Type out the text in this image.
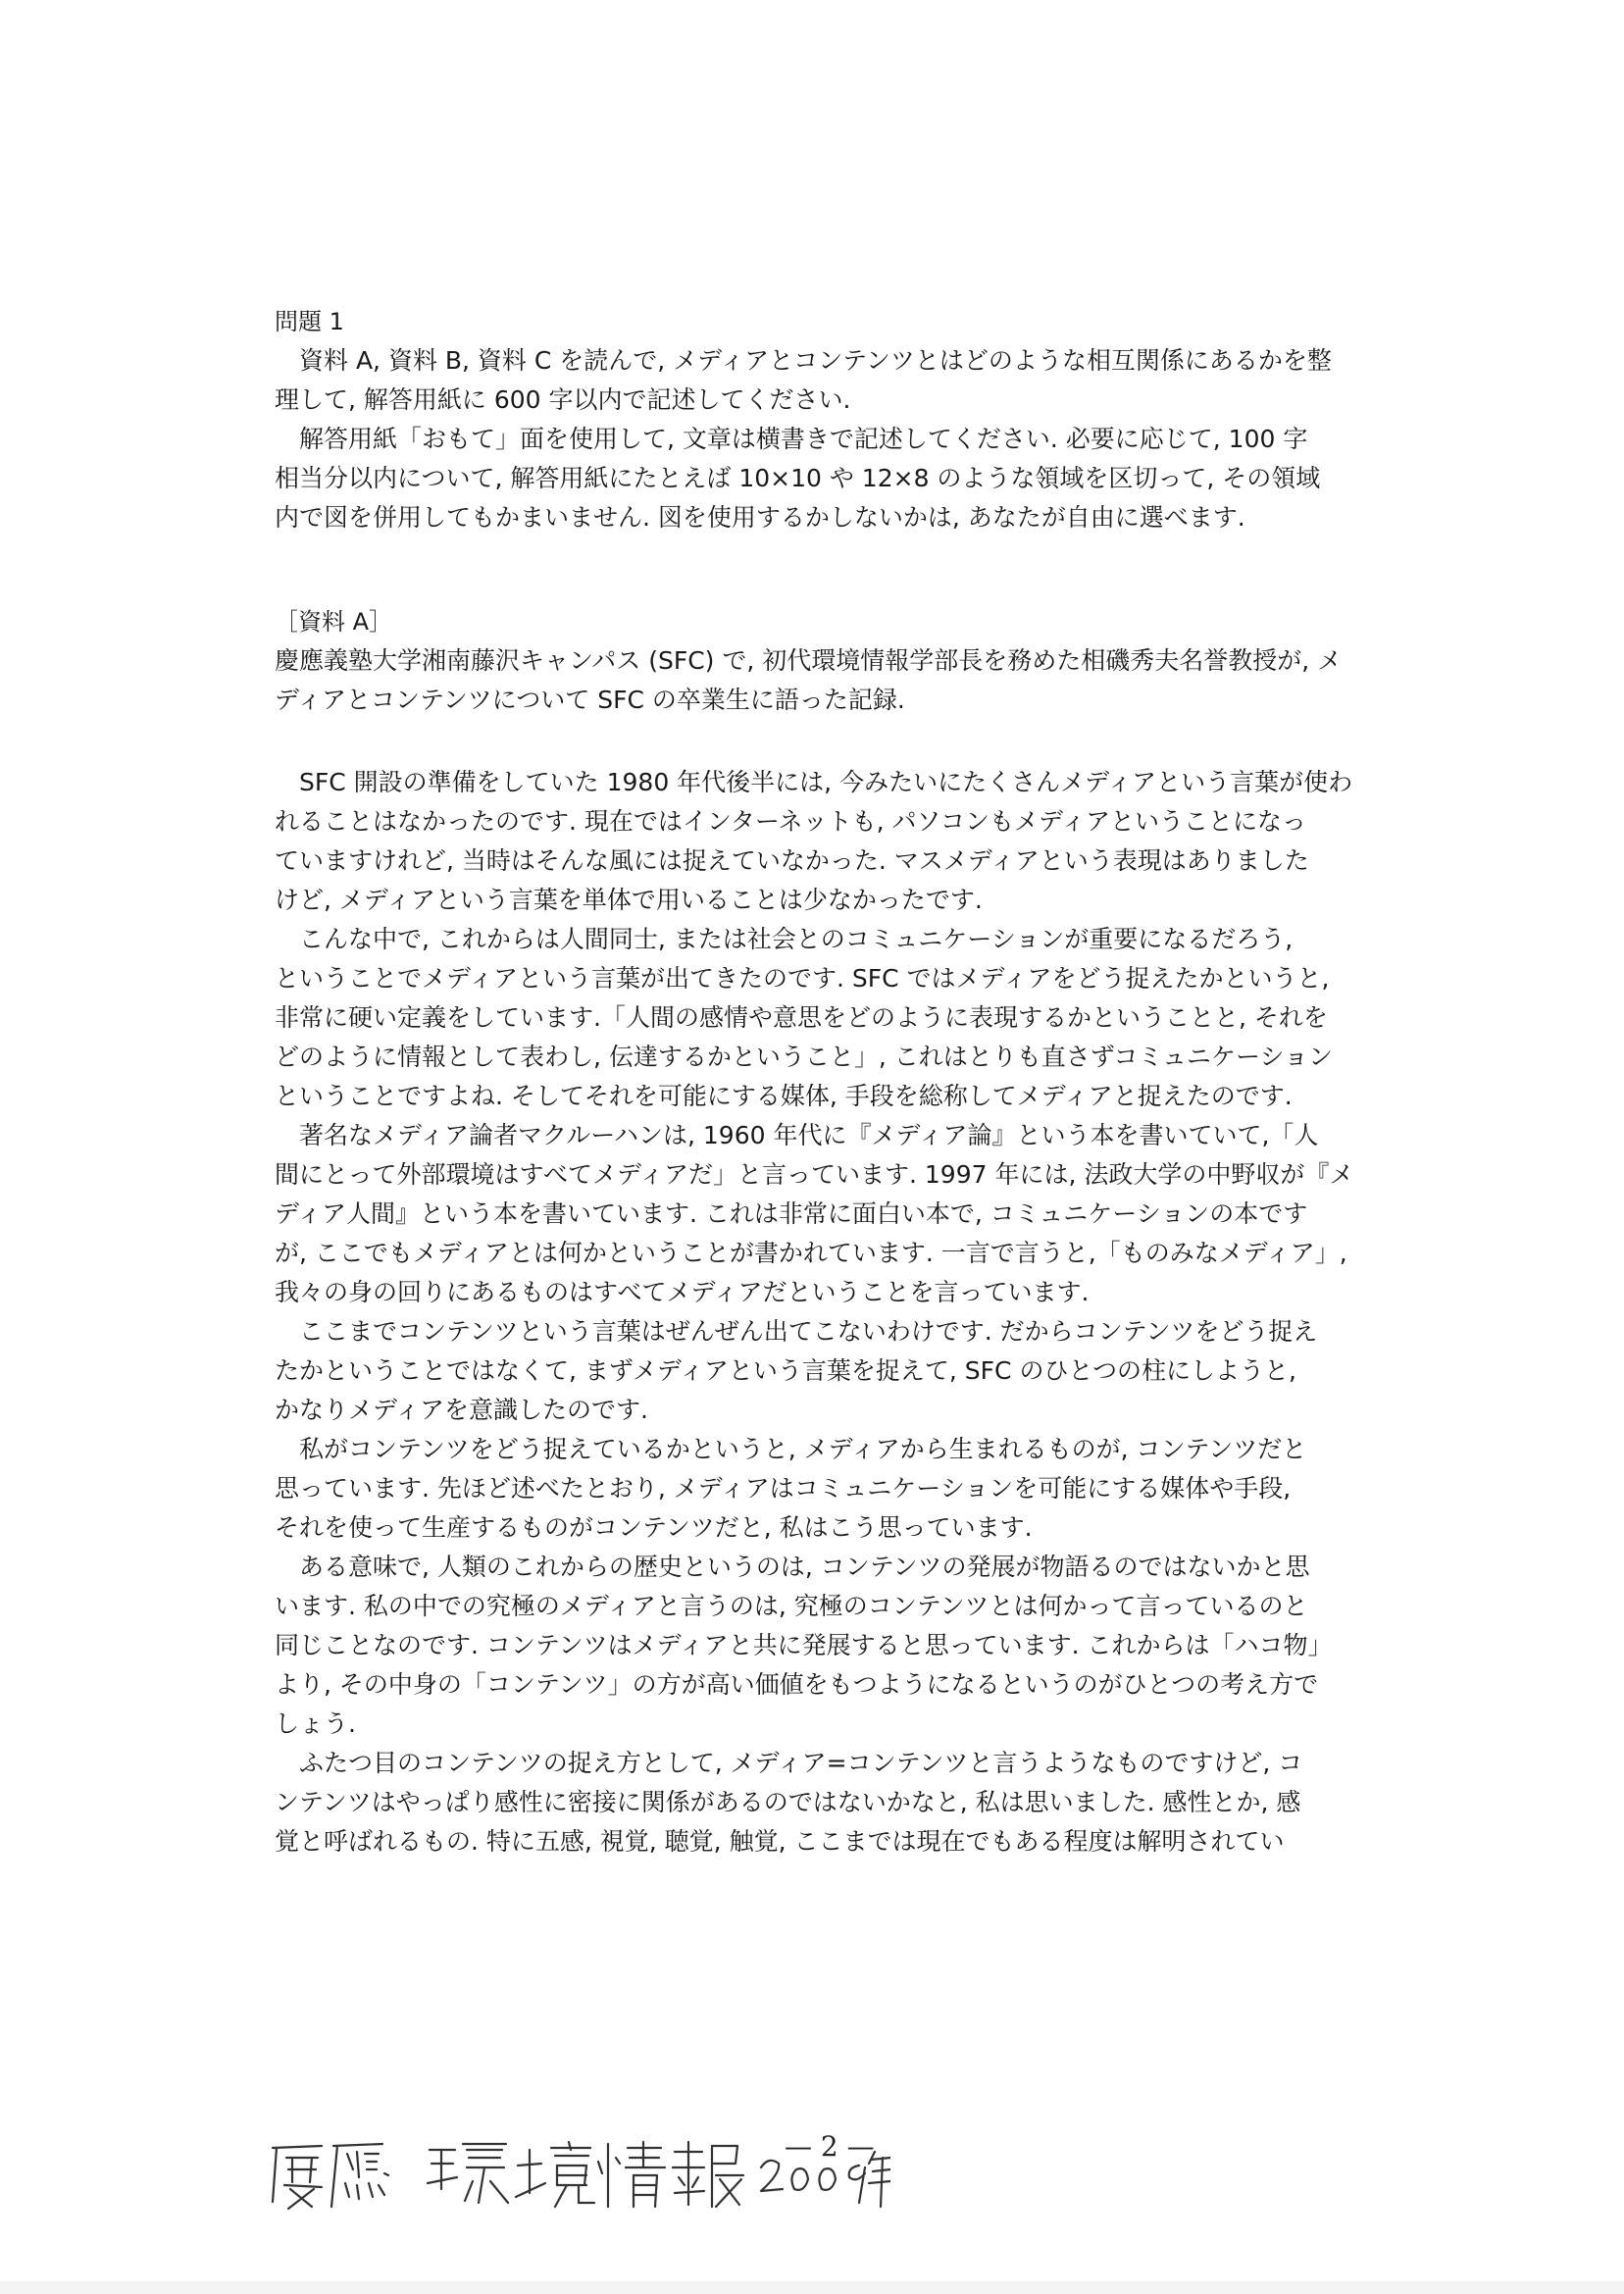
問題 1
資料 A, 資料 B, 資料 C を読んで, メディアとコンテンツとはどのような相互関係にあるかを整
理して, 解答用紙に 600 字以内で記述してください.
解答用紙「おもて」面を使用して, 文章は横書きで記述してください. 必要に応じて, 100 字
相当分以内について, 解答用紙にたとえば 10×10 や 12×8 のような領域を区切って, その領域
内で図を併用してもかまいません. 図を使用するかしないかは, あなたが自由に選べます.
［資料 A］
慶應義塾大学湘南藤沢キャンパス (SFC) で, 初代環境情報学部長を務めた相磯秀夫名誉教授が, メ
ディアとコンテンツについて SFC の卒業生に語った記録.
SFC 開設の準備をしていた 1980 年代後半には, 今みたいにたくさんメディアという言葉が使わ
れることはなかったのです. 現在ではインターネットも, パソコンもメディアということになっ
ていますけれど, 当時はそんな風には捉えていなかった. マスメディアという表現はありました
けど, メディアという言葉を単体で用いることは少なかったです.
こんな中で, これからは人間同士, または社会とのコミュニケーションが重要になるだろう,
ということでメディアという言葉が出てきたのです. SFC ではメディアをどう捉えたかというと,
非常に硬い定義をしています.「人間の感情や意思をどのように表現するかということと, それを
どのように情報として表わし, 伝達するかということ」, これはとりも直さずコミュニケーション
ということですよね. そしてそれを可能にする媒体, 手段を総称してメディアと捉えたのです.
著名なメディア論者マクルーハンは, 1960 年代に『メディア論』という本を書いていて,「人
間にとって外部環境はすべてメディアだ」と言っています. 1997 年には, 法政大学の中野収が『メ
ディア人間』という本を書いています. これは非常に面白い本で, コミュニケーションの本です
が, ここでもメディアとは何かということが書かれています. 一言で言うと,「ものみなメディア」,
我々の身の回りにあるものはすべてメディアだということを言っています.
ここまでコンテンツという言葉はぜんぜん出てこないわけです. だからコンテンツをどう捉え
たかということではなくて, まずメディアという言葉を捉えて, SFC のひとつの柱にしようと,
かなりメディアを意識したのです.
私がコンテンツをどう捉えているかというと, メディアから生まれるものが, コンテンツだと
思っています. 先ほど述べたとおり, メディアはコミュニケーションを可能にする媒体や手段,
それを使って生産するものがコンテンツだと, 私はこう思っています.
ある意味で, 人類のこれからの歴史というのは, コンテンツの発展が物語るのではないかと思
います. 私の中での究極のメディアと言うのは, 究極のコンテンツとは何かって言っているのと
同じことなのです. コンテンツはメディアと共に発展すると思っています. これからは「ハコ物」
より, その中身の「コンテンツ」の方が高い価値をもつようになるというのがひとつの考え方で
しょう.
ふたつ目のコンテンツの捉え方として, メディア=コンテンツと言うようなものですけど, コ
ンテンツはやっぱり感性に密接に関係があるのではないかなと, 私は思いました. 感性とか, 感
覚と呼ばれるもの. 特に五感, 視覚, 聴覚, 触覚, ここまでは現在でもある程度は解明されてい
— 2 —
